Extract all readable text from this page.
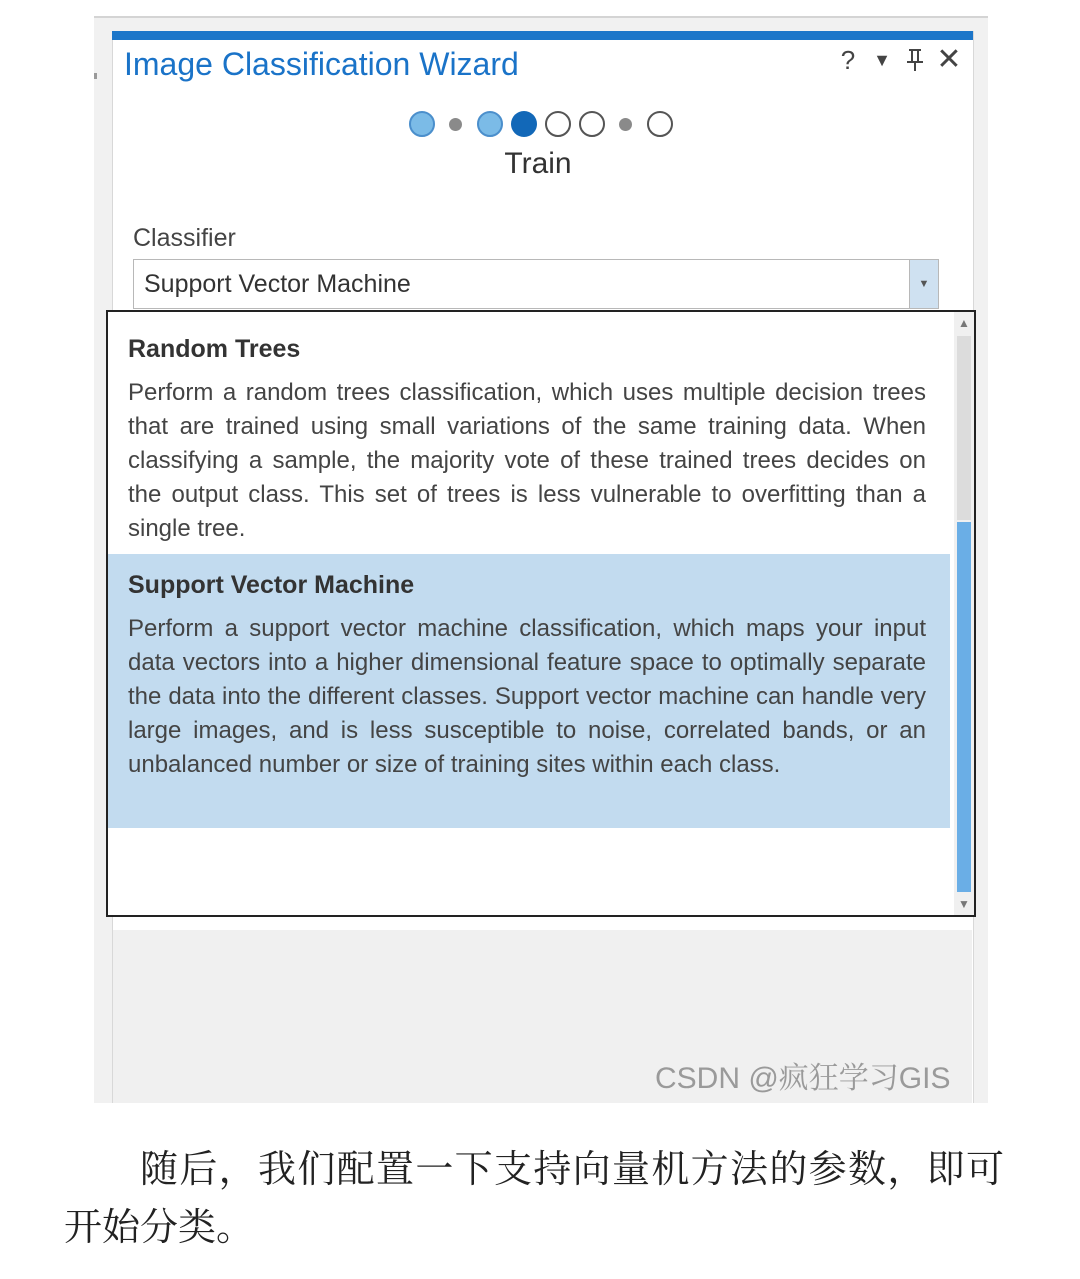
Image Classification Wizard	? ▼ ✕
Train
Classifier
Support Vector Machine	▼
Random Trees
Perform a random trees classification, which uses multiple decision trees that are trained using small variations of the same training data. When classifying a sample, the majority vote of these trained trees decides on the output class. This set of trees is less vulnerable to overfitting than a single tree.
Support Vector Machine
Perform a support vector machine classification, which maps your input data vectors into a higher dimensional feature space to optimally separate the data into the different classes. Support vector machine can handle very large images, and is less susceptible to noise, correlated bands, or an unbalanced number or size of training sites within each class.
▲
▼
CSDN @疯狂学习GIS
随后，我们配置一下支持向量机方法的参数，即可开始分类。
